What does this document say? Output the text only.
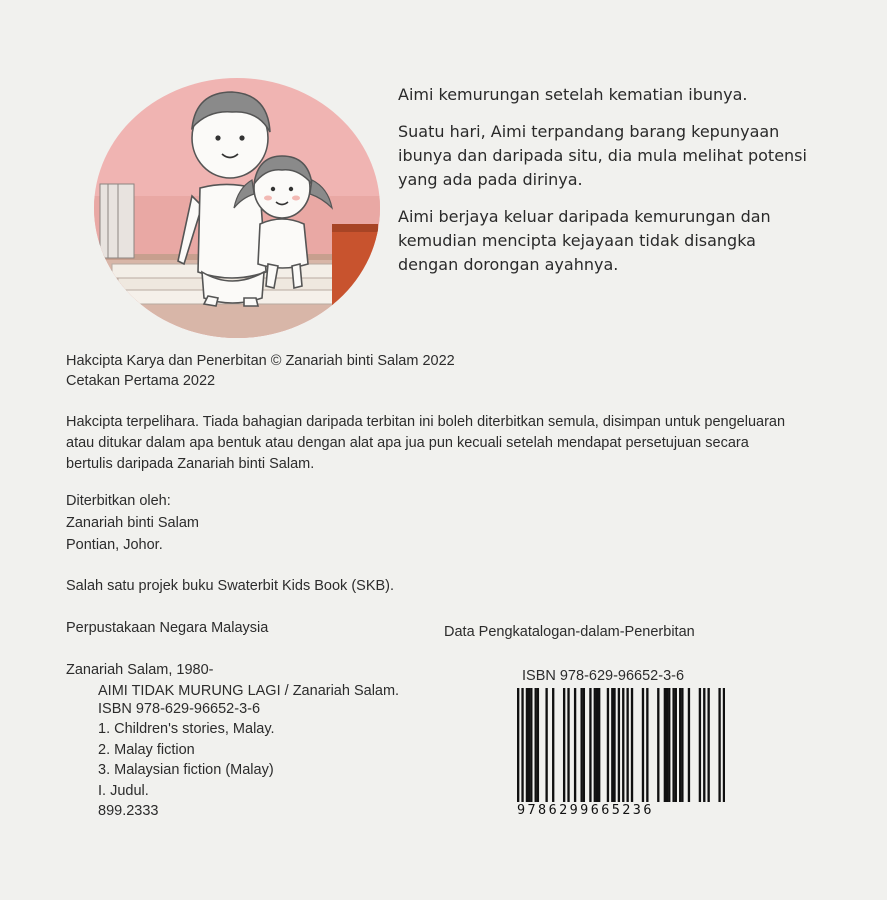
Aimi kemurungan setelah kematian ibunya.

Suatu hari, Aimi terpandang barang kepunyaan ibunya dan daripada situ, dia mula melihat potensi yang ada pada dirinya.

Aimi berjaya keluar daripada kemurungan dan kemudian mencipta kejayaan tidak disangka dengan dorongan ayahnya.

Hakcipta Karya dan Penerbitan © Zanariah binti Salam 2022
Cetakan Pertama 2022
Hakcipta terpelihara. Tiada bahagian daripada terbitan ini boleh diterbitkan semula, disimpan untuk pengeluaran atau ditukar dalam apa bentuk atau dengan alat apa jua pun kecuali setelah mendapat persetujuan secara bertulis daripada Zanariah binti Salam.
Diterbitkan oleh:
Zanariah binti Salam
Pontian, Johor.
Salah satu projek buku Swaterbit Kids Book (SKB).
Perpustakaan Negara Malaysia	Data Pengkatalogan-dalam-Penerbitan
Zanariah Salam, 1980-
AIMI TIDAK MURUNG LAGI / Zanariah Salam.
ISBN 978-629-96652-3-6
1. Children's stories, Malay.
2. Malay fiction
3. Malaysian fiction (Malay)
I. Judul.
899.2333
ISBN 978-629-96652-3-6
9786299665236
